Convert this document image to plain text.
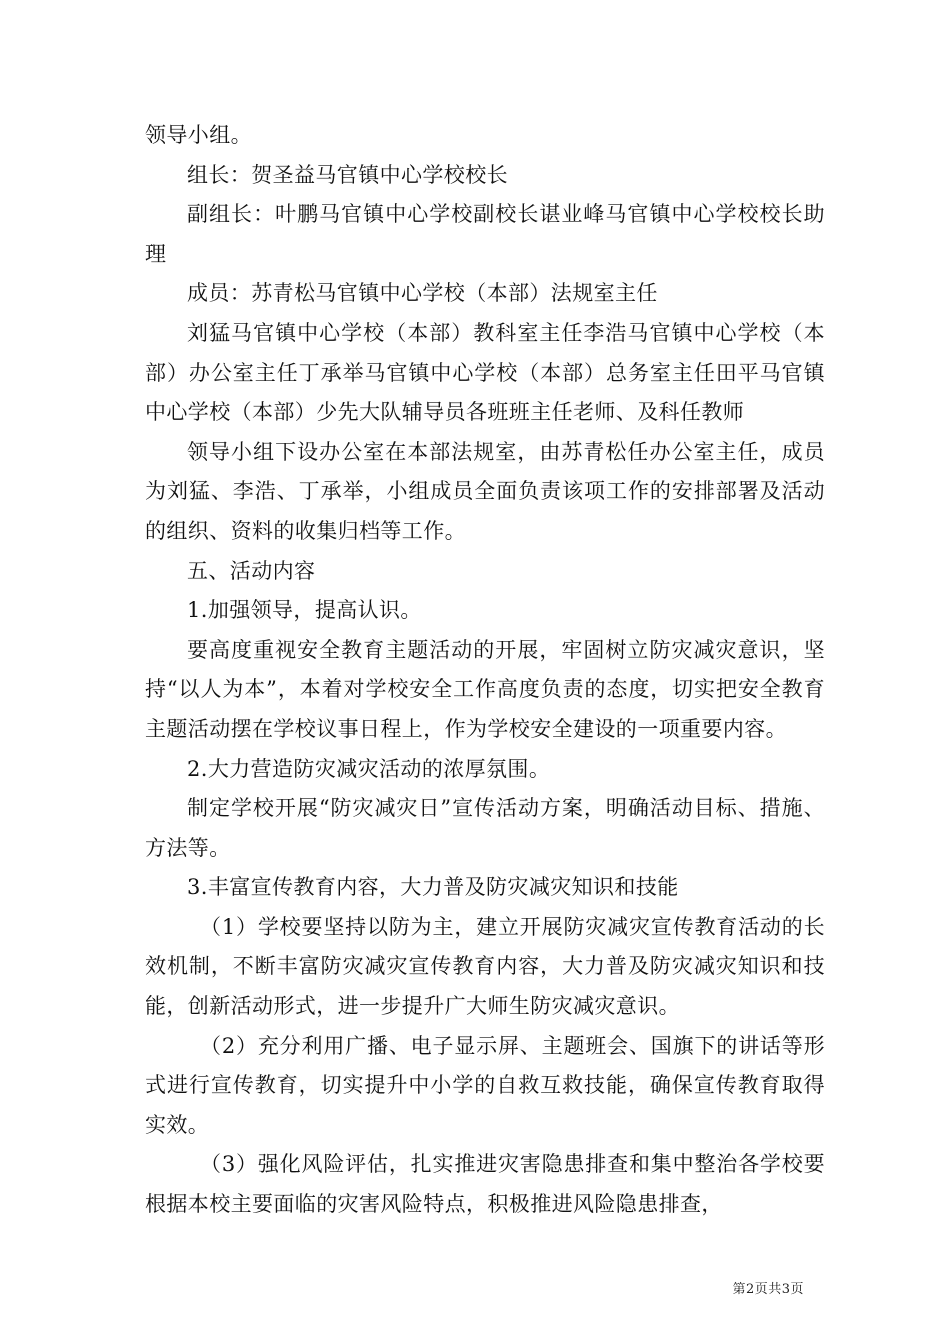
领导小组。

组长：贺圣益马官镇中心学校校长

副组长：叶鹏马官镇中心学校副校长谌业峰马官镇中心学校校长助理

成员：苏青松马官镇中心学校（本部）法规室主任

刘猛马官镇中心学校（本部）教科室主任李浩马官镇中心学校（本部）办公室主任丁承举马官镇中心学校（本部）总务室主任田平马官镇中心学校（本部）少先大队辅导员各班班主任老师、及科任教师

领导小组下设办公室在本部法规室，由苏青松任办公室主任，成员为刘猛、李浩、丁承举，小组成员全面负责该项工作的安排部署及活动的组织、资料的收集归档等工作。

五、活动内容

1.加强领导，提高认识。

要高度重视安全教育主题活动的开展，牢固树立防灾减灾意识，坚持“以人为本”，本着对学校安全工作高度负责的态度，切实把安全教育主题活动摆在学校议事日程上，作为学校安全建设的一项重要内容。

2.大力营造防灾减灾活动的浓厚氛围。

制定学校开展“防灾减灾日”宣传活动方案，明确活动目标、措施、方法等。

3.丰富宣传教育内容，大力普及防灾减灾知识和技能

（1）学校要坚持以防为主，建立开展防灾减灾宣传教育活动的长效机制，不断丰富防灾减灾宣传教育内容，大力普及防灾减灾知识和技能，创新活动形式，进一步提升广大师生防灾减灾意识。

（2）充分利用广播、电子显示屏、主题班会、国旗下的讲话等形式进行宣传教育，切实提升中小学的自救互救技能，确保宣传教育取得实效。

（3）强化风险评估，扎实推进灾害隐患排查和集中整治各学校要根据本校主要面临的灾害风险特点，积极推进风险隐患排查，

第2页共3页
